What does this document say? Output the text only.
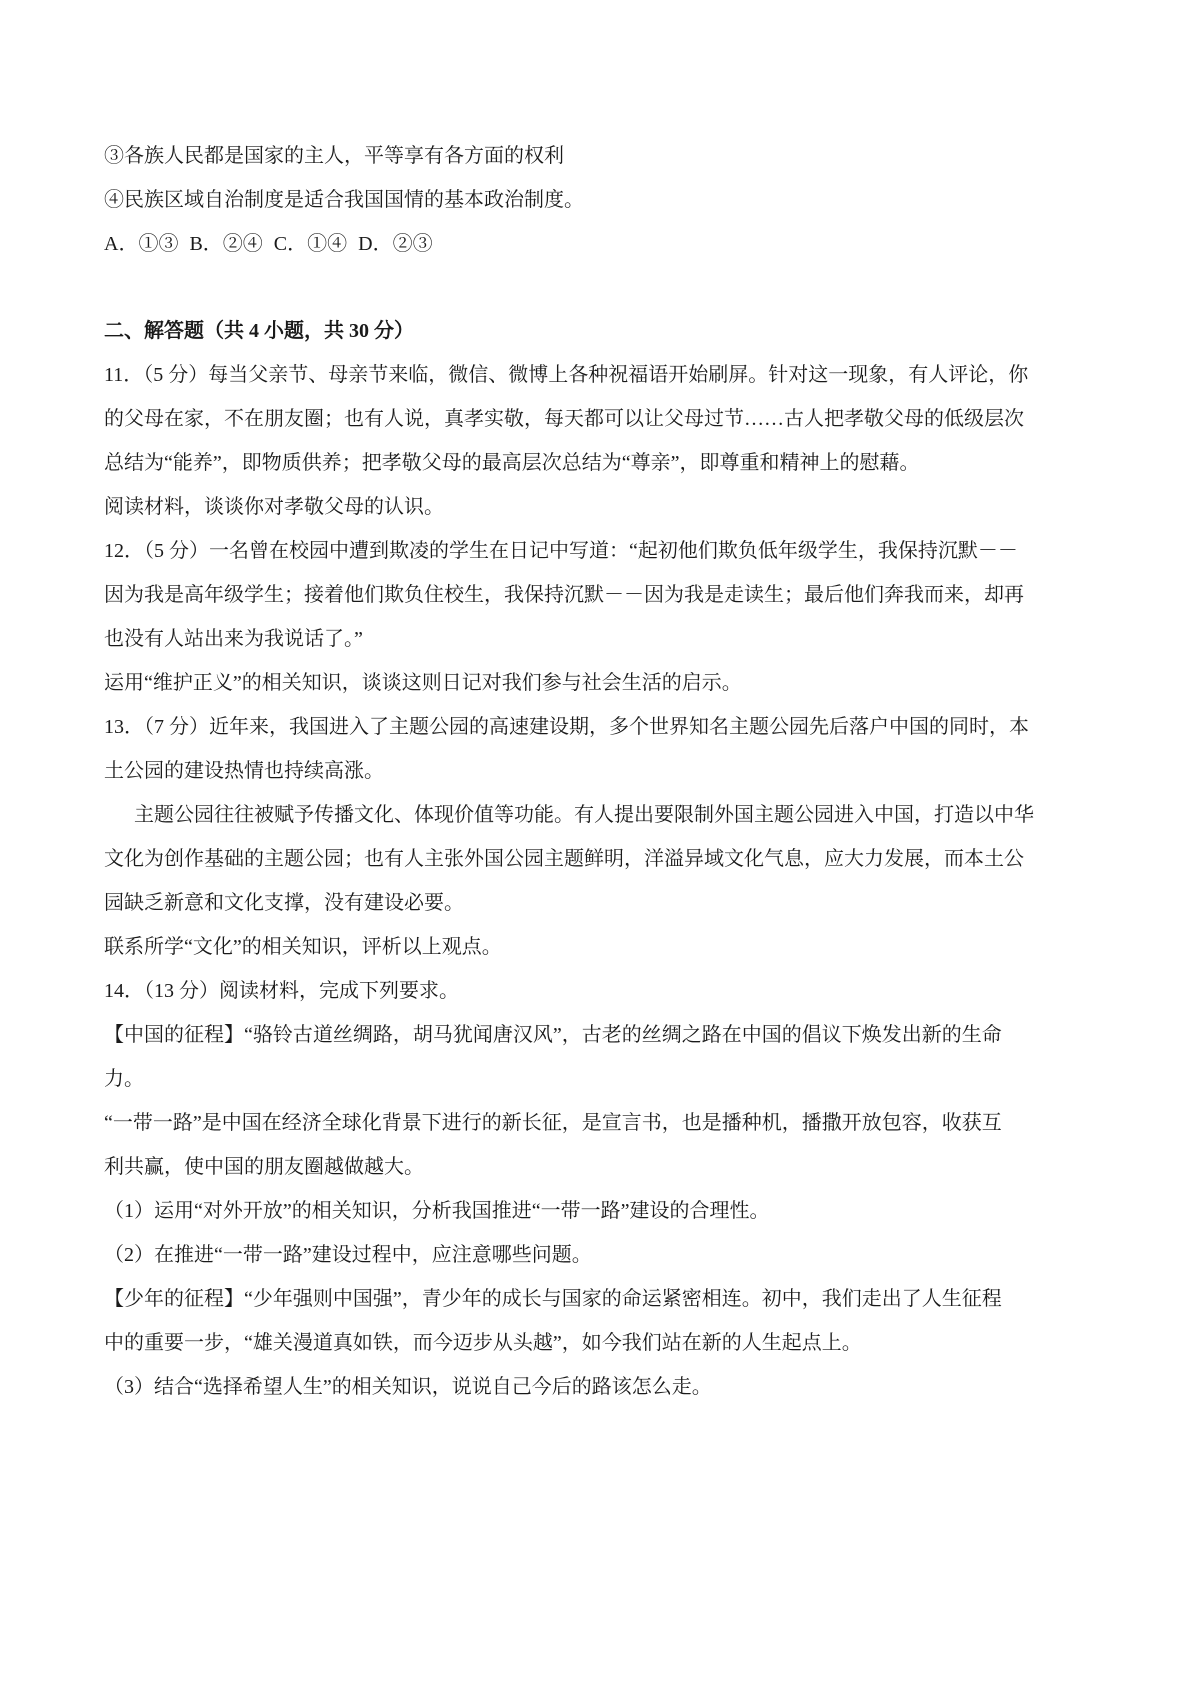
③各族人民都是国家的主人，平等享有各方面的权利
④民族区域自治制度是适合我国国情的基本政治制度。
A．①③ B．②④ C．①④ D．②③
二、解答题（共 4 小题，共 30 分）
11．（5 分）每当父亲节、母亲节来临，微信、微博上各种祝福语开始刷屏。针对这一现象，有人评论，你
的父母在家，不在朋友圈；也有人说，真孝实敬，每天都可以让父母过节……古人把孝敬父母的低级层次
总结为“能养”，即物质供养；把孝敬父母的最高层次总结为“尊亲”，即尊重和精神上的慰藉。
阅读材料，谈谈你对孝敬父母的认识。
12．（5 分）一名曾在校园中遭到欺凌的学生在日记中写道：“起初他们欺负低年级学生，我保持沉默－－
因为我是高年级学生；接着他们欺负住校生，我保持沉默－－因为我是走读生；最后他们奔我而来，却再
也没有人站出来为我说话了。”
运用“维护正义”的相关知识，谈谈这则日记对我们参与社会生活的启示。
13．（7 分）近年来，我国进入了主题公园的高速建设期，多个世界知名主题公园先后落户中国的同时，本
土公园的建设热情也持续高涨。
主题公园往往被赋予传播文化、体现价值等功能。有人提出要限制外国主题公园进入中国，打造以中华
文化为创作基础的主题公园；也有人主张外国公园主题鲜明，洋溢异域文化气息，应大力发展，而本土公
园缺乏新意和文化支撑，没有建设必要。
联系所学“文化”的相关知识，评析以上观点。
14．（13 分）阅读材料，完成下列要求。
【中国的征程】“骆铃古道丝绸路，胡马犹闻唐汉风”，古老的丝绸之路在中国的倡议下焕发出新的生命
力。
“一带一路”是中国在经济全球化背景下进行的新长征，是宣言书，也是播种机，播撒开放包容，收获互
利共赢，使中国的朋友圈越做越大。
（1）运用“对外开放”的相关知识，分析我国推进“一带一路”建设的合理性。
（2）在推进“一带一路”建设过程中，应注意哪些问题。
【少年的征程】“少年强则中国强”，青少年的成长与国家的命运紧密相连。初中，我们走出了人生征程
中的重要一步，“雄关漫道真如铁，而今迈步从头越”，如今我们站在新的人生起点上。
（3）结合“选择希望人生”的相关知识，说说自己今后的路该怎么走。
